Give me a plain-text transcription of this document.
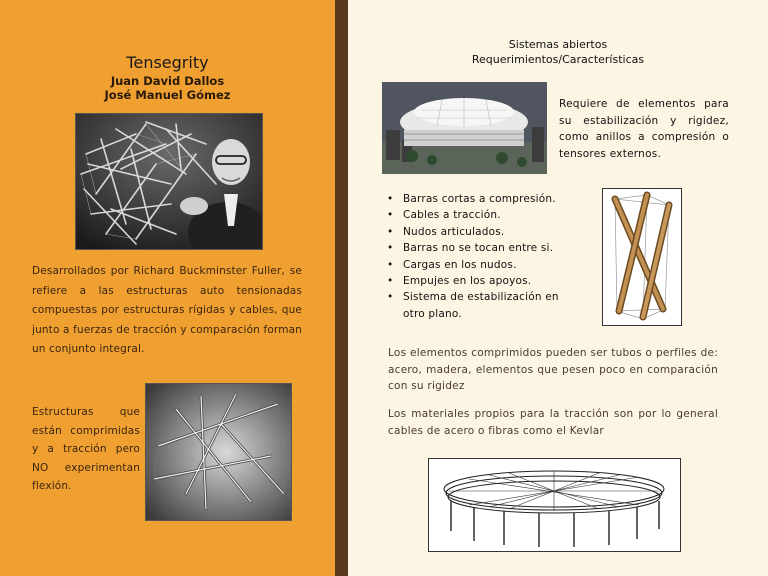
Tensegrity
Juan David Dallos
José Manuel Gómez
Desarrollados por Richard Buckminster Fuller, se refiere a las estructuras auto tensionadas compuestas por estructuras rígidas y cables, que junto a fuerzas de tracción y comparación forman un conjunto integral.
Estructuras que están comprimidas y a tracción pero NO experimentan flexión.
Sistemas abiertos
Requerimientos/Características
Requiere de elementos para su estabilización y rigidez, como anillos a compresión o tensores externos.
• Barras cortas a compresión.
• Cables a tracción.
• Nudos articulados.
• Barras no se tocan entre si.
• Cargas en los nudos.
• Empujes en los apoyos.
• Sistema de estabilización en otro plano.
Los elementos comprimidos pueden ser tubos o perfiles de: acero, madera, elementos que pesen poco en comparación con su rigidez
Los materiales propios para la tracción son por lo general cables de acero o fibras como el Kevlar
